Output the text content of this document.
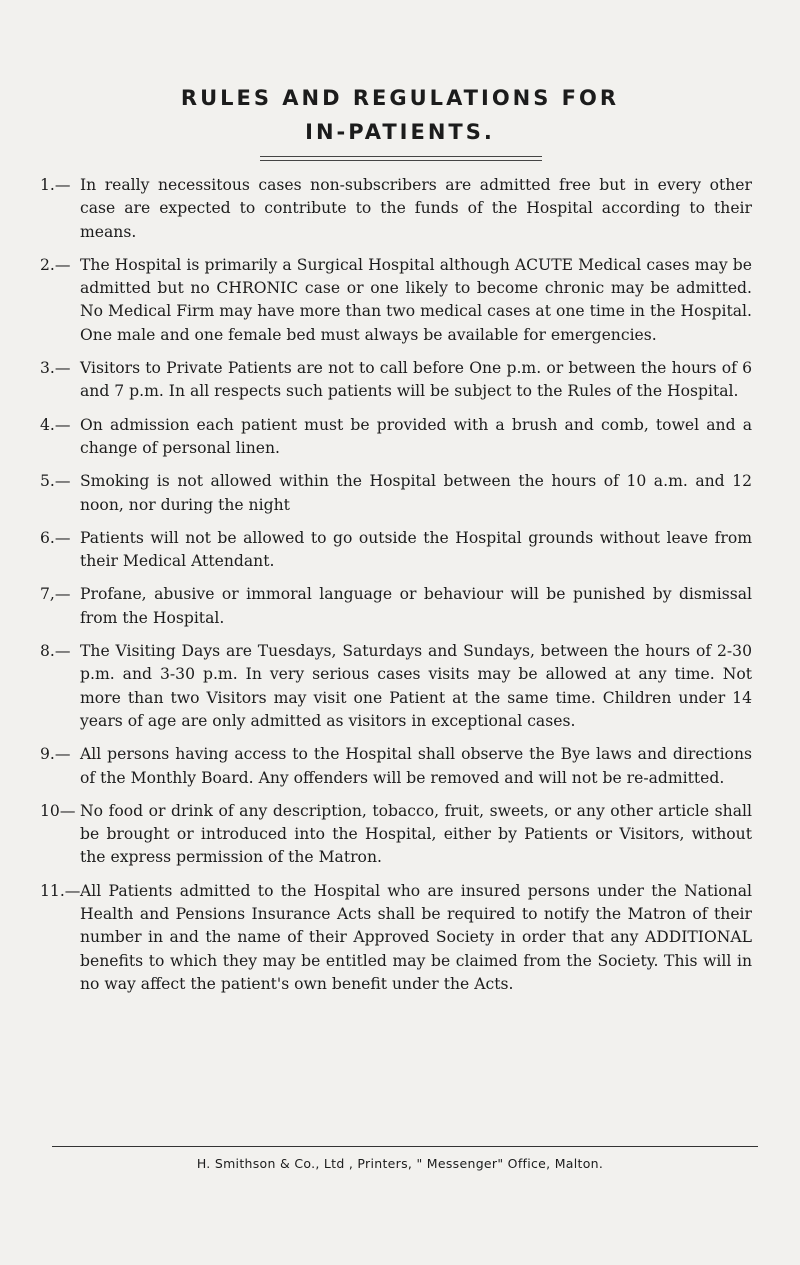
RULES AND REGULATIONS FOR
IN-PATIENTS.
1.— In really necessitous cases non-subscribers are admitted free but in every other case are expected to contribute to the funds of the Hospital according to their means.
2.— The Hospital is primarily a Surgical Hospital although ACUTE Medical cases may be admitted but no CHRONIC case or one likely to become chronic may be admitted. No Medical Firm may have more than two medical cases at one time in the Hospital. One male and one female bed must always be available for emergencies.
3.— Visitors to Private Patients are not to call before One p.m. or between the hours of 6 and 7 p.m. In all respects such patients will be subject to the Rules of the Hospital.
4.— On admission each patient must be provided with a brush and comb, towel and a change of personal linen.
5.— Smoking is not allowed within the Hospital between the hours of 10 a.m. and 12 noon, nor during the night
6.— Patients will not be allowed to go outside the Hospital grounds without leave from their Medical Attendant.
7,— Profane, abusive or immoral language or behaviour will be punished by dismissal from the Hospital.
8.— The Visiting Days are Tuesdays, Saturdays and Sundays, between the hours of 2-30 p.m. and 3-30 p.m. In very serious cases visits may be allowed at any time. Not more than two Visitors may visit one Patient at the same time. Children under 14 years of age are only admitted as visitors in exceptional cases.
9.— All persons having access to the Hospital shall observe the Bye laws and directions of the Monthly Board. Any offenders will be removed and will not be re-admitted.
10— No food or drink of any description, tobacco, fruit, sweets, or any other article shall be brought or introduced into the Hospital, either by Patients or Visitors, without the express permission of the Matron.
11.— All Patients admitted to the Hospital who are insured persons under the National Health and Pensions Insurance Acts shall be required to notify the Matron of their number in and the name of their Approved Society in order that any ADDITIONAL benefits to which they may be entitled may be claimed from the Society. This will in no way affect the patient's own benefit under the Acts.
H. Smithson & Co., Ltd , Printers, " Messenger" Office, Malton.
